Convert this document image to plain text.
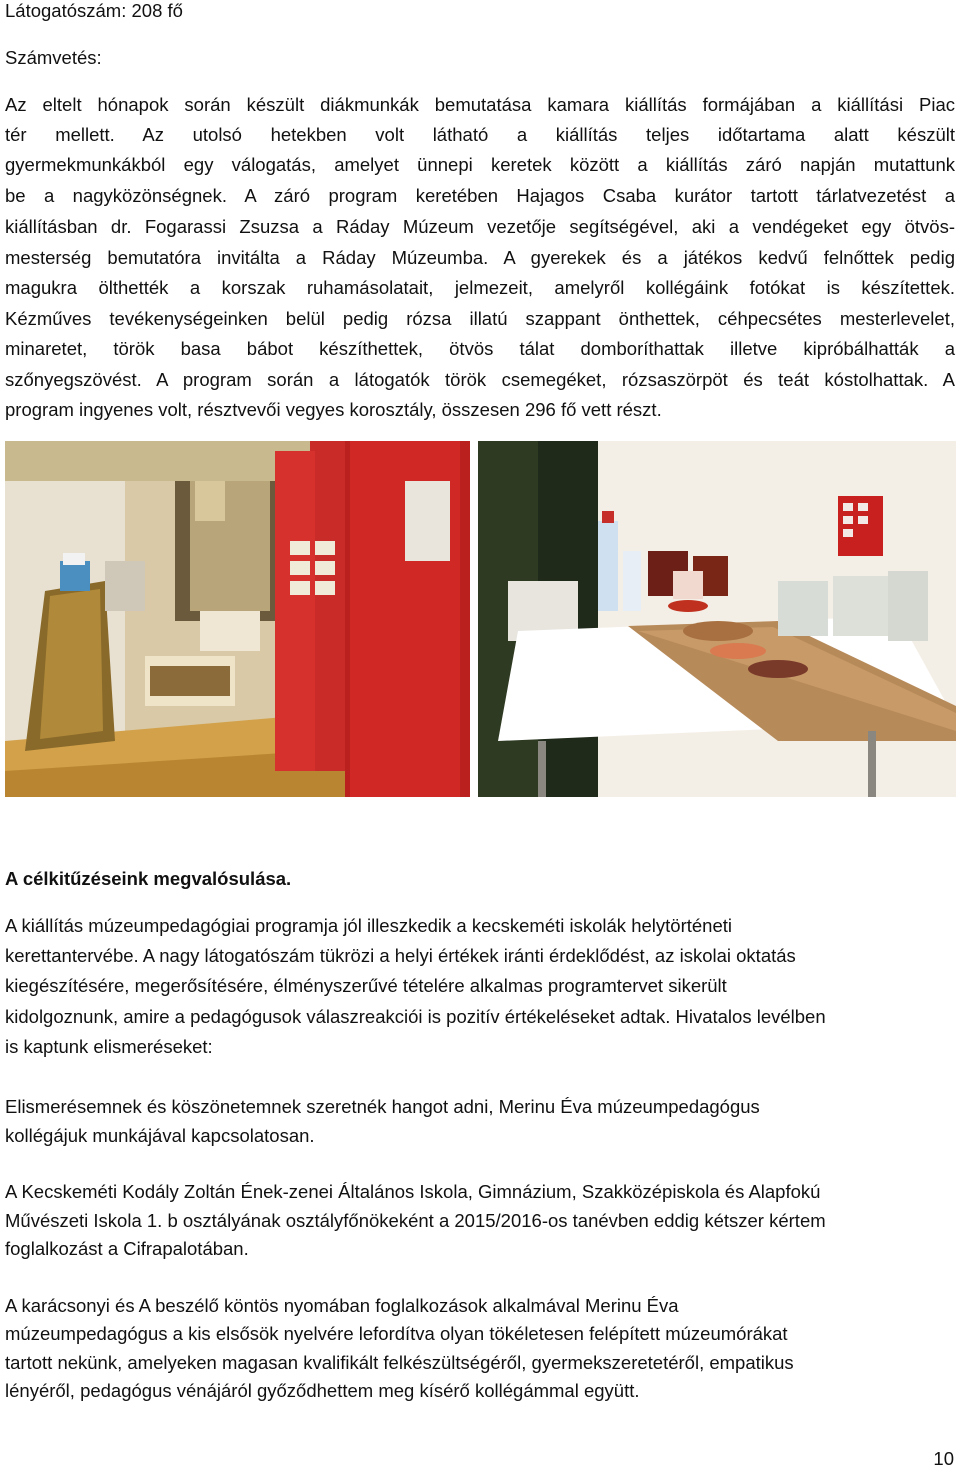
Látogatószám: 208 fő
Számvetés:
Az eltelt hónapok során készült diákmunkák bemutatása kamara kiállítás formájában a kiállítási Piac
tér mellett. Az utolsó hetekben volt látható a kiállítás teljes időtartama alatt készült
gyermekmunkákból egy válogatás, amelyet ünnepi keretek között a kiállítás záró napján mutattunk
be a nagyközönségnek. A záró program keretében Hajagos Csaba kurátor tartott tárlatvezetést a
kiállításban dr. Fogarassi Zsuzsa a Ráday Múzeum vezetője segítségével, aki a vendégeket egy ötvös-
mesterség bemutatóra invitálta a Ráday Múzeumba. A gyerekek és a játékos kedvű felnőttek pedig
magukra ölthették a korszak ruhamásolatait, jelmezeit, amelyről kollégáink fotókat is készítettek.
Kézműves tevékenységeinken belül pedig rózsa illatú szappant önthettek, céhpecsétes mesterlevelet,
minaretet, török basa bábot készíthettek, ötvös tálat domboríthattak illetve kipróbálhatták a
szőnyegszövést. A program során a látogatók török csemegéket, rózsaszörpöt és teát kóstolhattak. A
program ingyenes volt, résztvevői vegyes korosztály, összesen 296 fő vett részt.
A célkitűzéseink megvalósulása.
A kiállítás múzeumpedagógiai programja jól illeszkedik a kecskeméti iskolák helytörténeti
kerettantervébe. A nagy látogatószám tükrözi a helyi értékek iránti érdeklődést, az iskolai oktatás
kiegészítésére, megerősítésére, élményszerűvé tételére alkalmas programtervet sikerült
kidolgoznunk, amire a pedagógusok válaszreakciói is pozitív értékeléseket adtak. Hivatalos levélben
is kaptunk elismeréseket:
Elismerésemnek és köszönetemnek szeretnék hangot adni, Merinu Éva múzeumpedagógus
kollégájuk munkájával kapcsolatosan.
A Kecskeméti Kodály Zoltán Ének-zenei Általános Iskola, Gimnázium, Szakközépiskola és Alapfokú
Művészeti Iskola 1. b osztályának osztályfőnökeként a 2015/2016-os tanévben eddig kétszer kértem
foglalkozást a Cifrapalotában.
A karácsonyi és A beszélő köntös nyomában foglalkozások alkalmával Merinu Éva
múzeumpedagógus a kis elsősök nyelvére lefordítva olyan tökéletesen felépített múzeumórákat
tartott nekünk, amelyeken magasan kvalifikált felkészültségéről, gyermekszeretetéről, empatikus
lényéről, pedagógus vénájáról győződhettem meg kísérő kollégámmal együtt.
10
